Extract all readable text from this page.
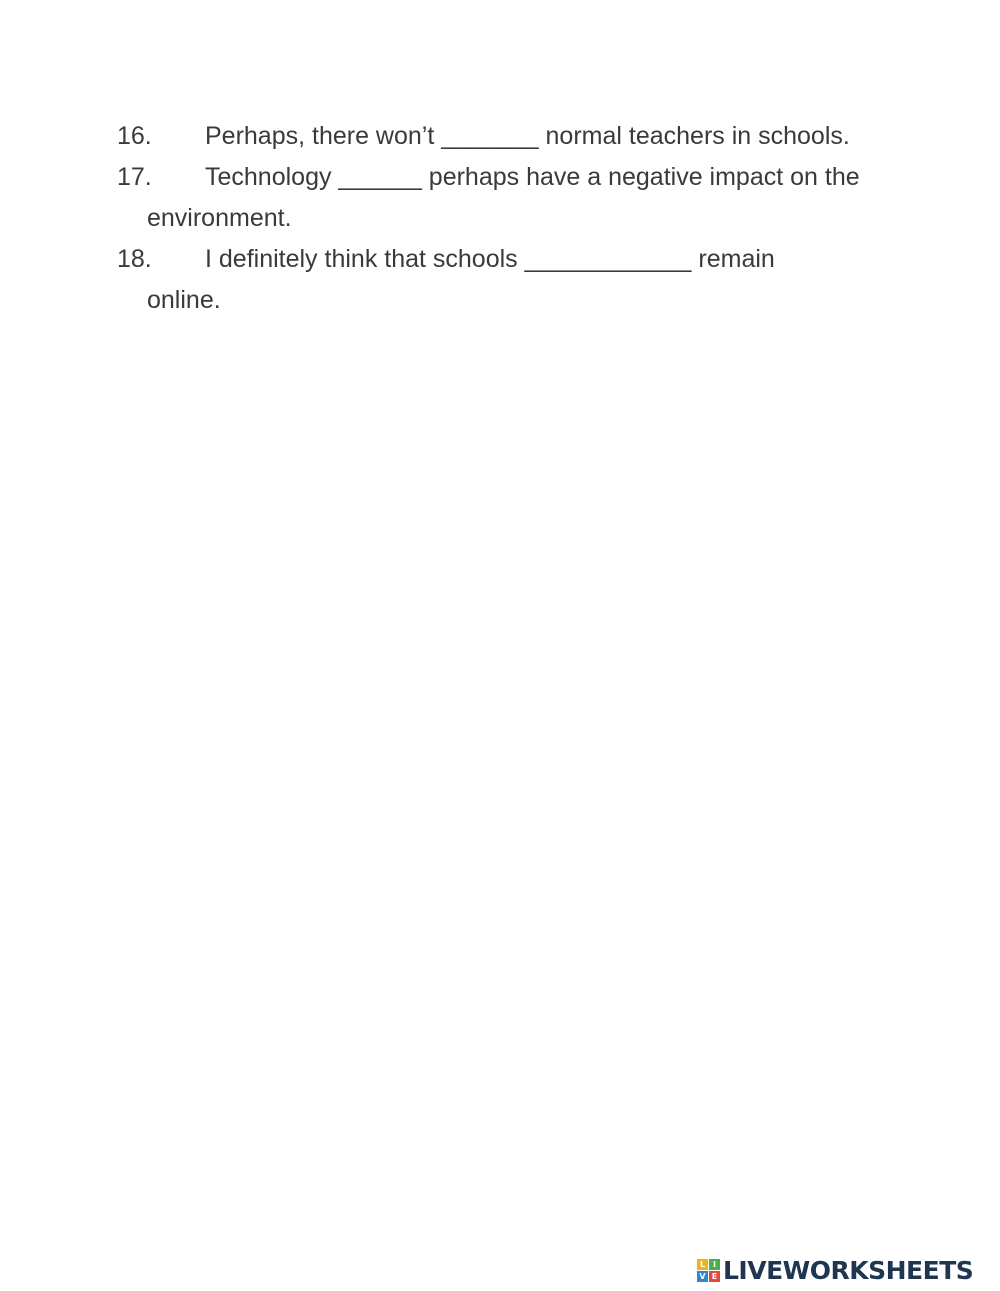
16. Perhaps, there won’t _______ normal teachers in schools.
17. Technology ______ perhaps have a negative impact on the
environment.
18. I definitely think that schools ____________ remain
online.
L I
V E LIVEWORKSHEETS
